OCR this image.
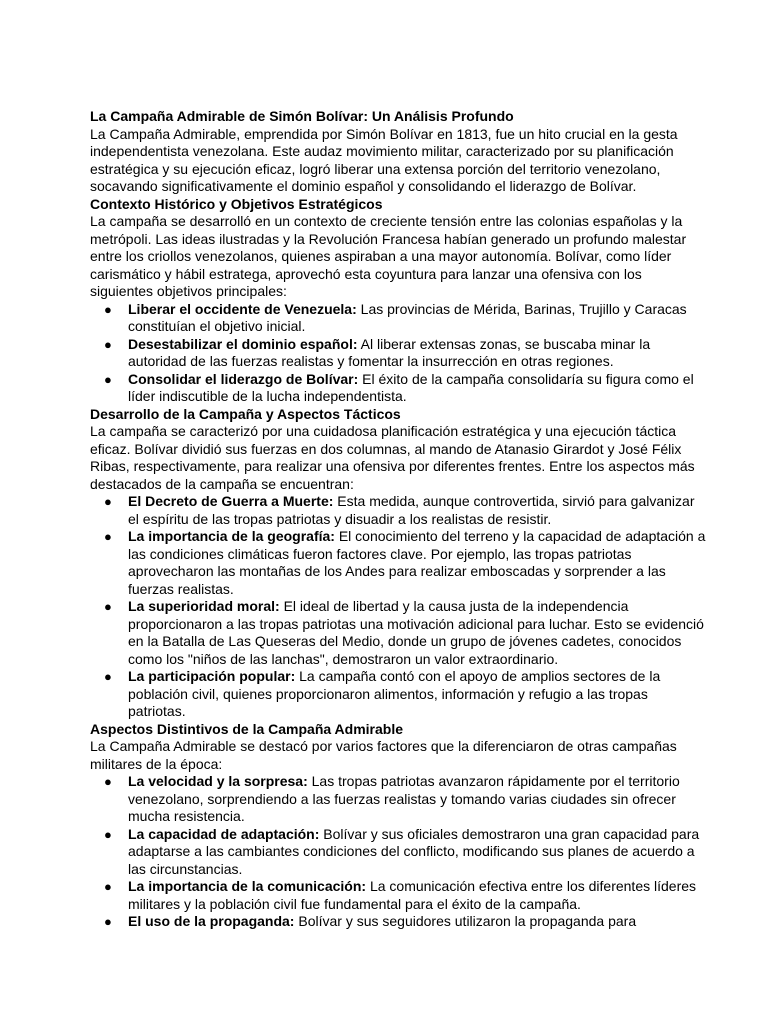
La Campaña Admirable de Simón Bolívar: Un Análisis Profundo

La Campaña Admirable, emprendida por Simón Bolívar en 1813, fue un hito crucial en la gesta independentista venezolana. Este audaz movimiento militar, caracterizado por su planificación estratégica y su ejecución eficaz, logró liberar una extensa porción del territorio venezolano, socavando significativamente el dominio español y consolidando el liderazgo de Bolívar.

Contexto Histórico y Objetivos Estratégicos

La campaña se desarrolló en un contexto de creciente tensión entre las colonias españolas y la metrópoli. Las ideas ilustradas y la Revolución Francesa habían generado un profundo malestar entre los criollos venezolanos, quienes aspiraban a una mayor autonomía. Bolívar, como líder carismático y hábil estratega, aprovechó esta coyuntura para lanzar una ofensiva con los siguientes objetivos principales:

● Liberar el occidente de Venezuela: Las provincias de Mérida, Barinas, Trujillo y Caracas constituían el objetivo inicial.
● Desestabilizar el dominio español: Al liberar extensas zonas, se buscaba minar la autoridad de las fuerzas realistas y fomentar la insurrección en otras regiones.
● Consolidar el liderazgo de Bolívar: El éxito de la campaña consolidaría su figura como el líder indiscutible de la lucha independentista.

Desarrollo de la Campaña y Aspectos Tácticos

La campaña se caracterizó por una cuidadosa planificación estratégica y una ejecución táctica eficaz. Bolívar dividió sus fuerzas en dos columnas, al mando de Atanasio Girardot y José Félix Ribas, respectivamente, para realizar una ofensiva por diferentes frentes. Entre los aspectos más destacados de la campaña se encuentran:

● El Decreto de Guerra a Muerte: Esta medida, aunque controvertida, sirvió para galvanizar el espíritu de las tropas patriotas y disuadir a los realistas de resistir.
● La importancia de la geografía: El conocimiento del terreno y la capacidad de adaptación a las condiciones climáticas fueron factores clave. Por ejemplo, las tropas patriotas aprovecharon las montañas de los Andes para realizar emboscadas y sorprender a las fuerzas realistas.
● La superioridad moral: El ideal de libertad y la causa justa de la independencia proporcionaron a las tropas patriotas una motivación adicional para luchar. Esto se evidenció en la Batalla de Las Queseras del Medio, donde un grupo de jóvenes cadetes, conocidos como los "niños de las lanchas", demostraron un valor extraordinario.
● La participación popular: La campaña contó con el apoyo de amplios sectores de la población civil, quienes proporcionaron alimentos, información y refugio a las tropas patriotas.

Aspectos Distintivos de la Campaña Admirable

La Campaña Admirable se destacó por varios factores que la diferenciaron de otras campañas militares de la época:

● La velocidad y la sorpresa: Las tropas patriotas avanzaron rápidamente por el territorio venezolano, sorprendiendo a las fuerzas realistas y tomando varias ciudades sin ofrecer mucha resistencia.
● La capacidad de adaptación: Bolívar y sus oficiales demostraron una gran capacidad para adaptarse a las cambiantes condiciones del conflicto, modificando sus planes de acuerdo a las circunstancias.
● La importancia de la comunicación: La comunicación efectiva entre los diferentes líderes militares y la población civil fue fundamental para el éxito de la campaña.
● El uso de la propaganda: Bolívar y sus seguidores utilizaron la propaganda para
